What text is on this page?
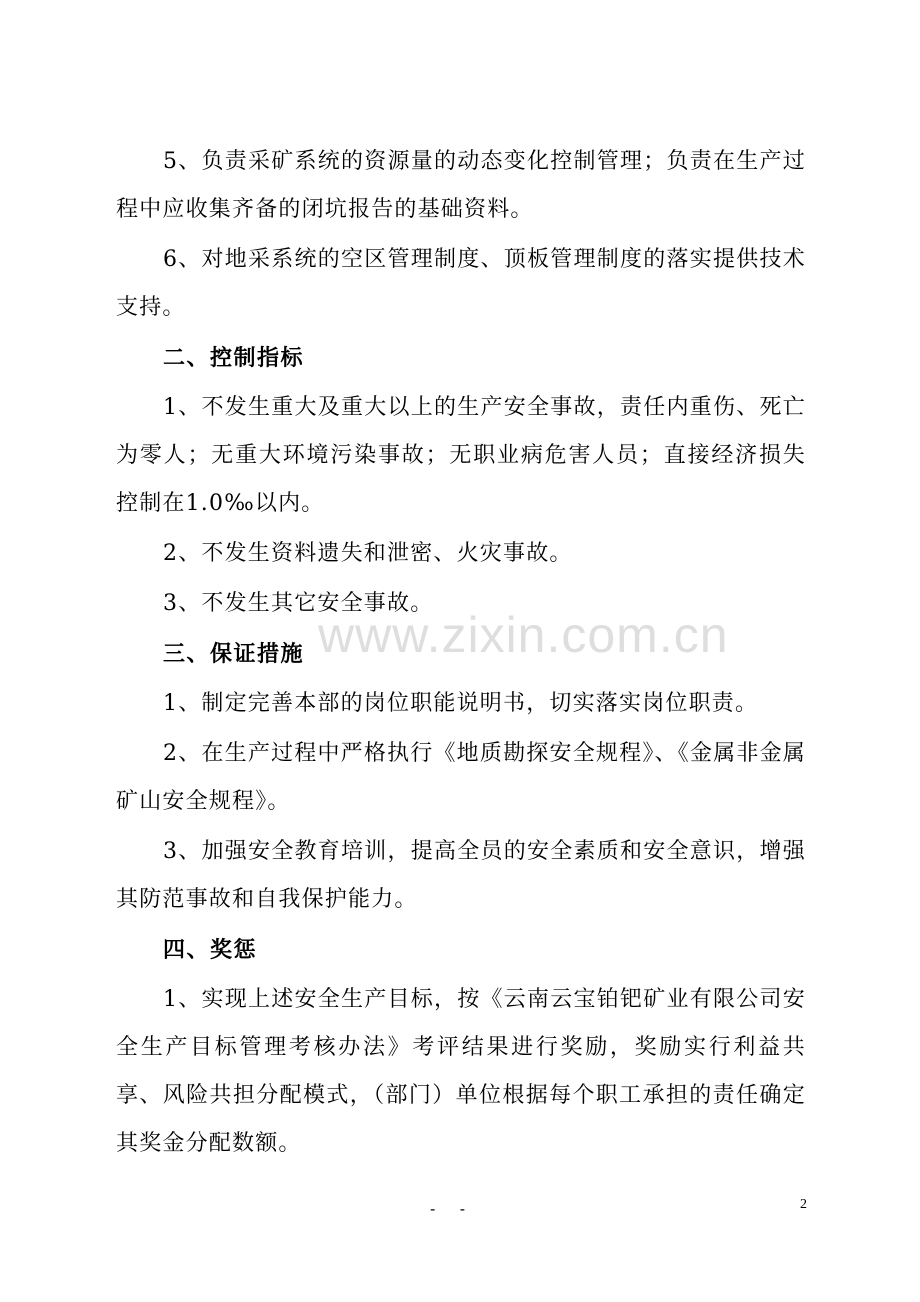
5、负责采矿系统的资源量的动态变化控制管理；负责在生产过程中应收集齐备的闭坑报告的基础资料。

6、对地采系统的空区管理制度、顶板管理制度的落实提供技术支持。

二、控制指标

1、不发生重大及重大以上的生产安全事故，责任内重伤、死亡为零人；无重大环境污染事故；无职业病危害人员；直接经济损失控制在1.0‰以内。

2、不发生资料遗失和泄密、火灾事故。

3、不发生其它安全事故。

三、保证措施

1、制定完善本部的岗位职能说明书，切实落实岗位职责。

2、在生产过程中严格执行《地质勘探安全规程》、《金属非金属矿山安全规程》。

3、加强安全教育培训，提高全员的安全素质和安全意识，增强其防范事故和自我保护能力。

四、奖惩

1、实现上述安全生产目标，按《云南云宝铂钯矿业有限公司安全生产目标管理考核办法》考评结果进行奖励，奖励实行利益共享、风险共担分配模式，（部门）单位根据每个职工承担的责任确定其奖金分配数额。

www.zixin.com.cn
- -	2
